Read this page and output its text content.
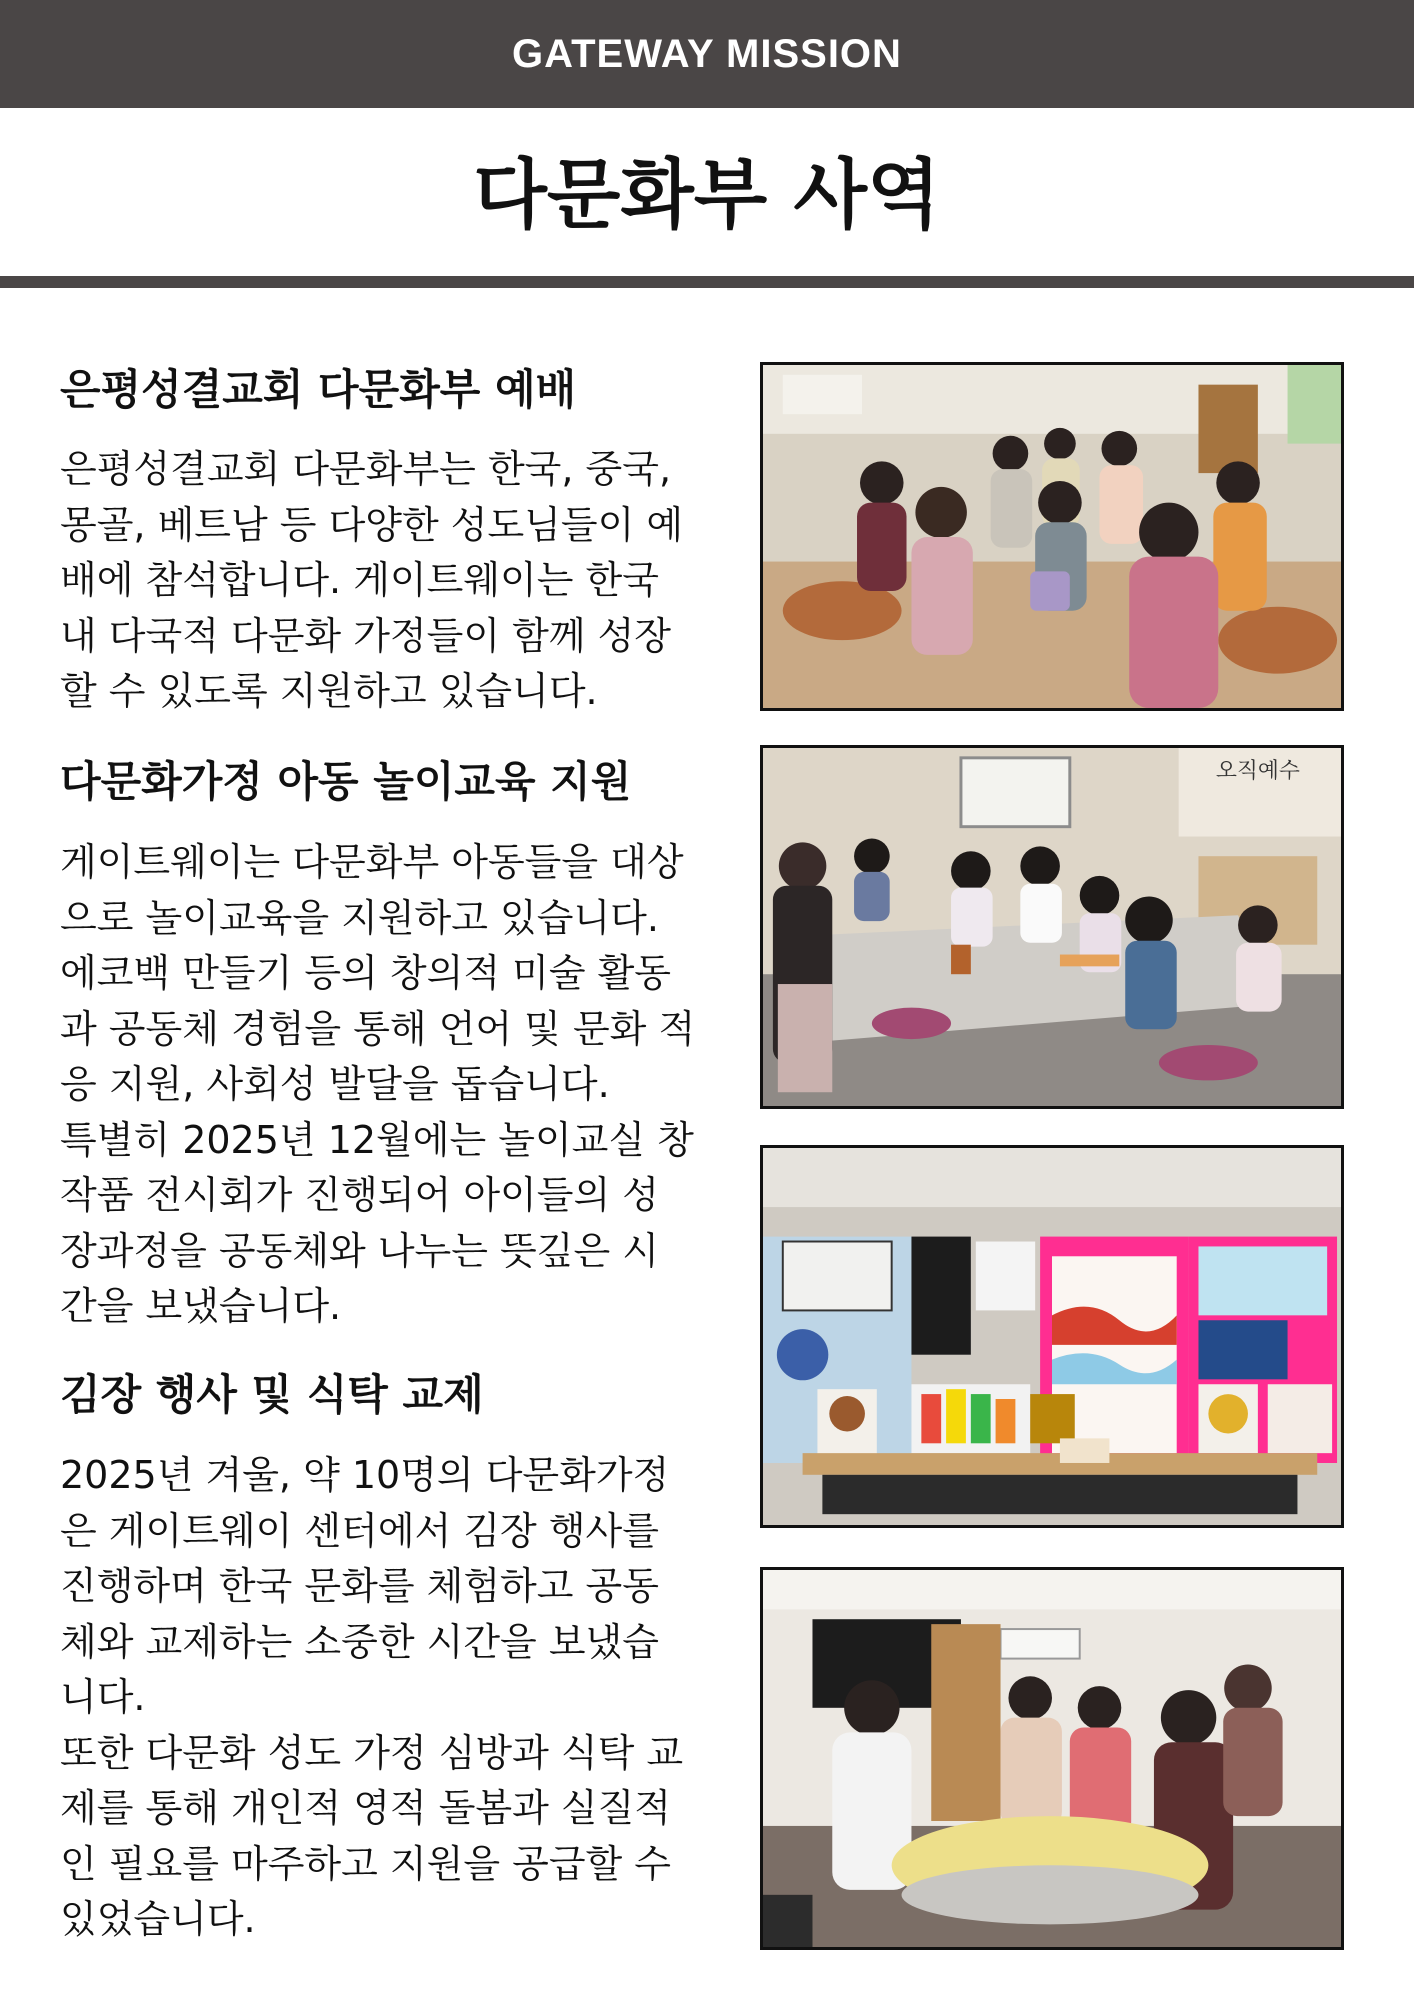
GATEWAY MISSION
다문화부 사역
은평성결교회 다문화부 예배

은평성결교회 다문화부는 한국, 중국,
몽골, 베트남 등 다양한 성도님들이 예
배에 참석합니다. 게이트웨이는 한국
내 다국적 다문화 가정들이 함께 성장
할 수 있도록 지원하고 있습니다.

다문화가정 아동 놀이교육 지원

게이트웨이는 다문화부 아동들을 대상
으로 놀이교육을 지원하고 있습니다.
에코백 만들기 등의 창의적 미술 활동
과 공동체 경험을 통해 언어 및 문화 적
응 지원, 사회성 발달을 돕습니다.
특별히 2025년 12월에는 놀이교실 창
작품 전시회가 진행되어 아이들의 성
장과정을 공동체와 나누는 뜻깊은 시
간을 보냈습니다.

김장 행사 및 식탁 교제

2025년 겨울, 약 10명의 다문화가정
은 게이트웨이 센터에서 김장 행사를
진행하며 한국 문화를 체험하고 공동
체와 교제하는 소중한 시간을 보냈습
니다.
또한 다문화 성도 가정 심방과 식탁 교
제를 통해 개인적 영적 돌봄과 실질적
인 필요를 마주하고 지원을 공급할 수
있었습니다.

오직예수
